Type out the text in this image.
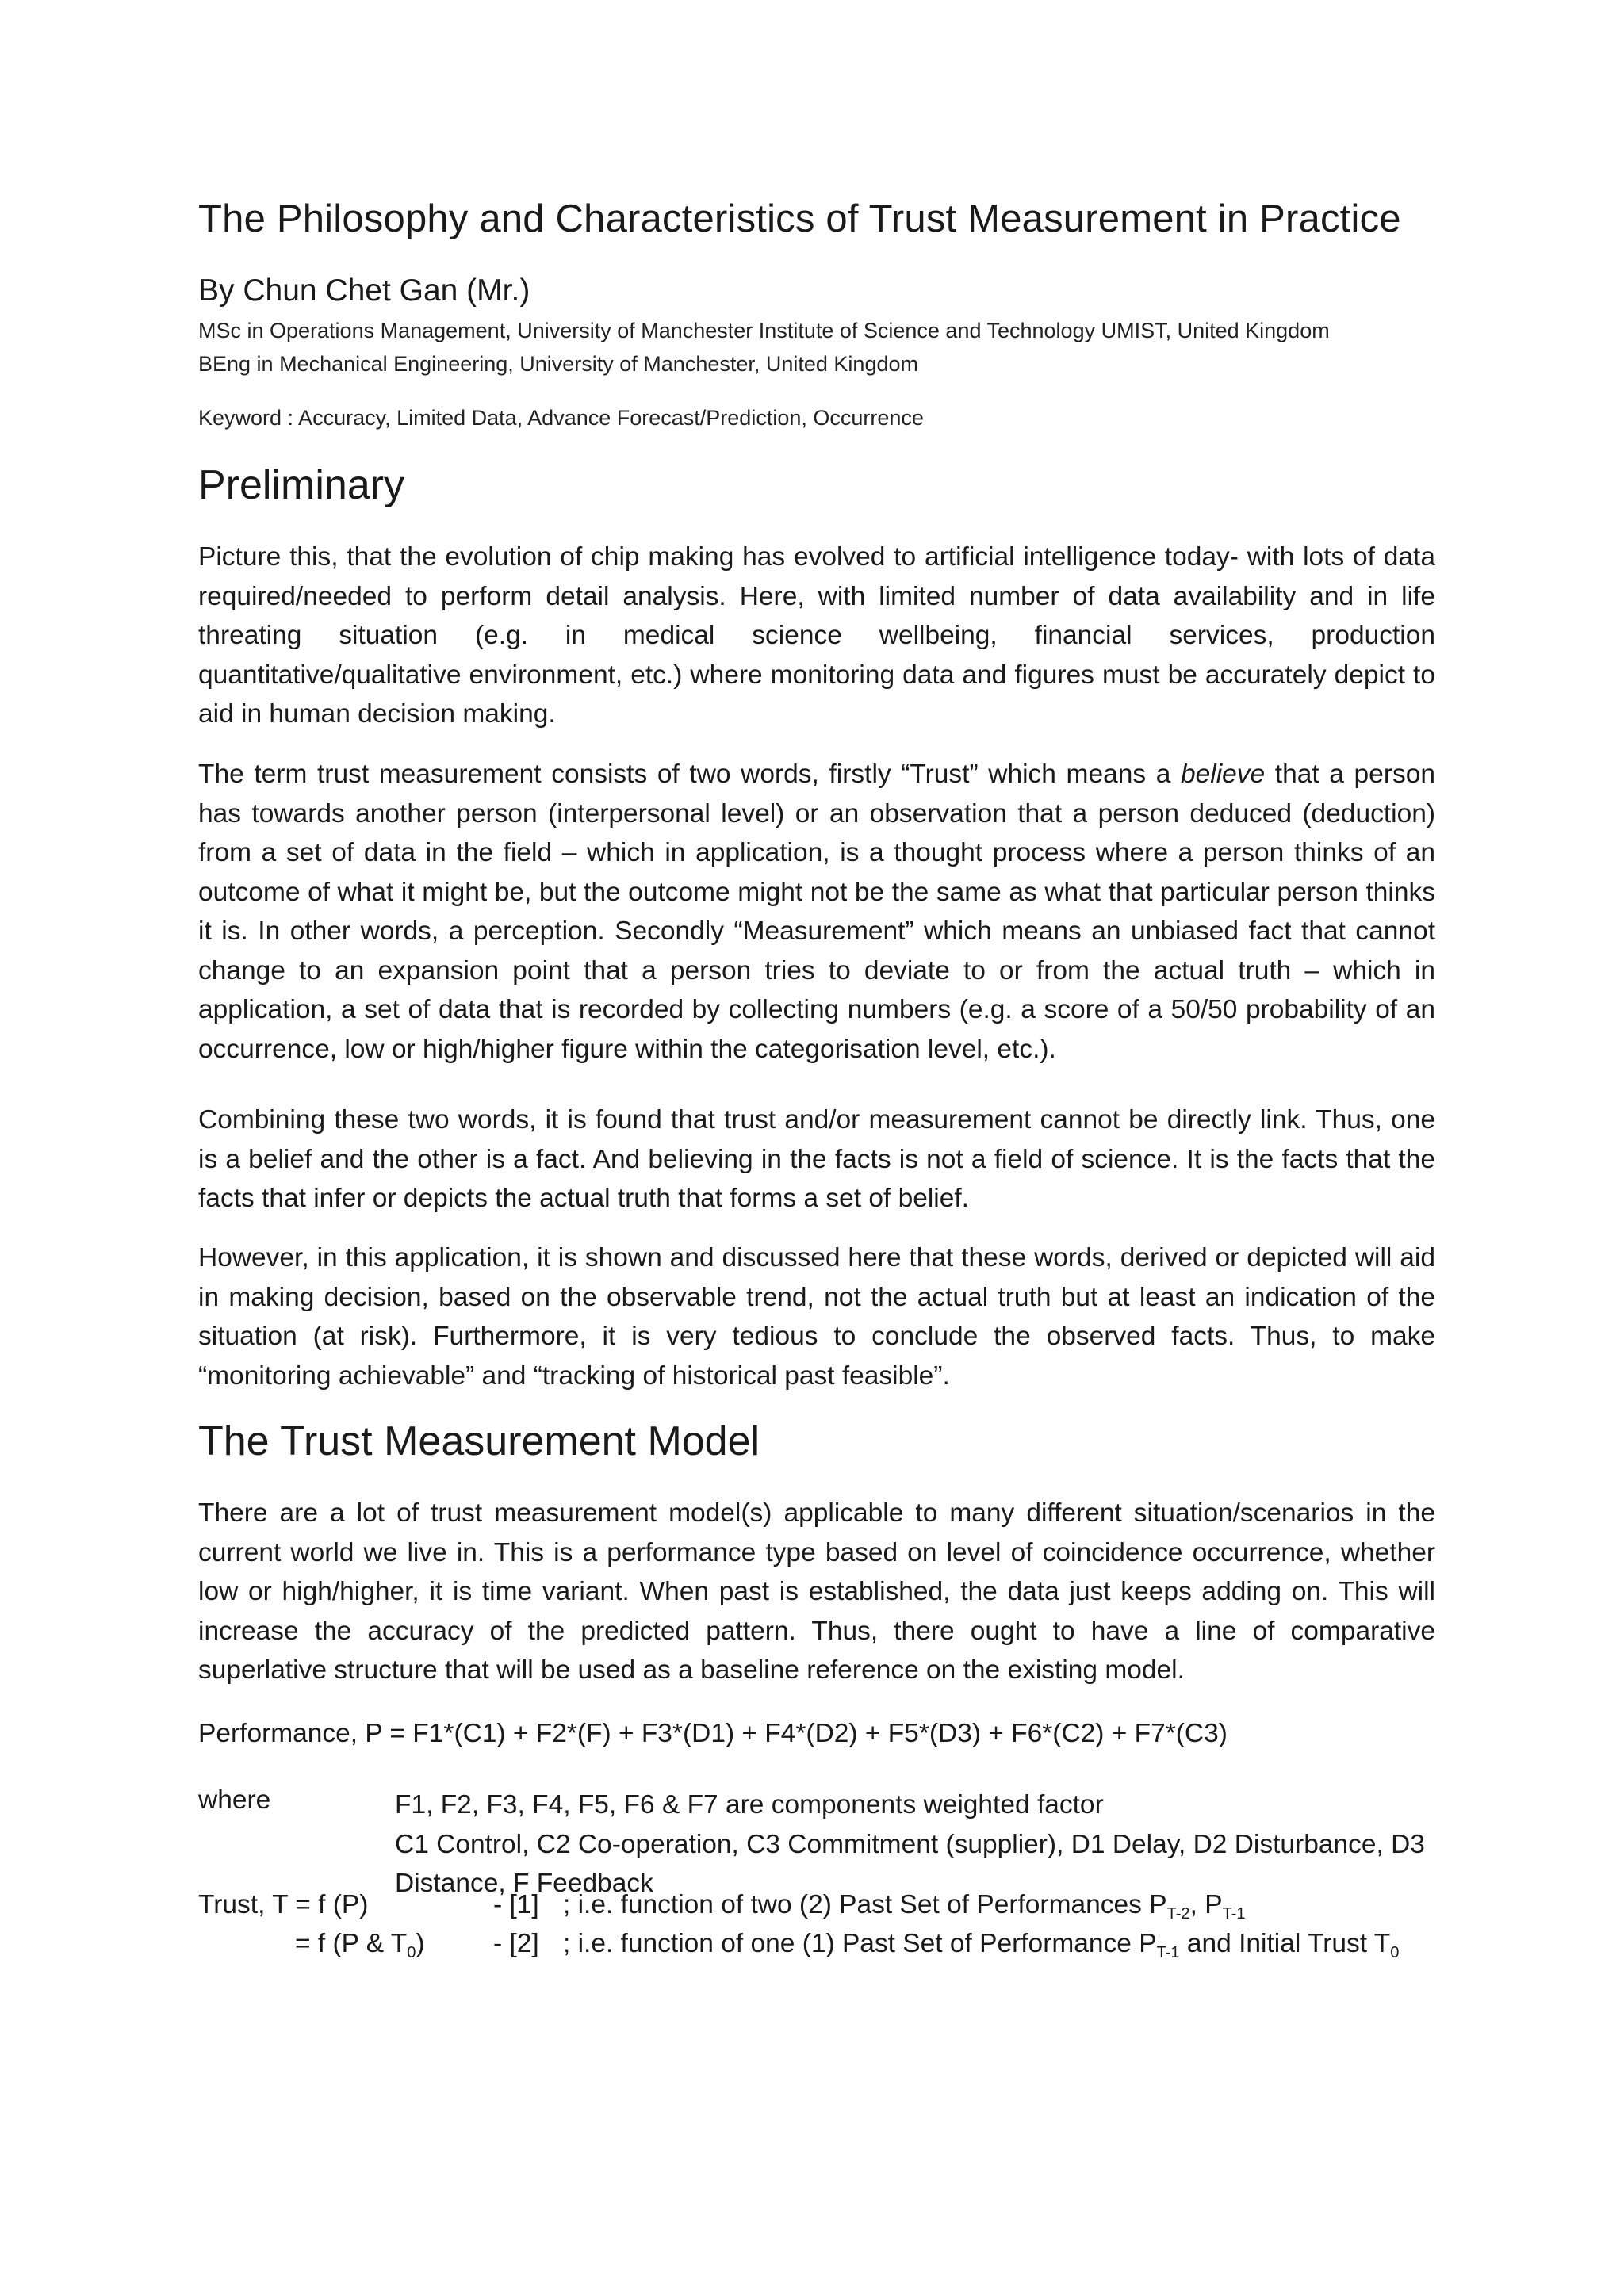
The Philosophy and Characteristics of Trust Measurement in Practice
By Chun Chet Gan (Mr.)
MSc in Operations Management, University of Manchester Institute of Science and Technology UMIST, United Kingdom
BEng in Mechanical Engineering, University of Manchester, United Kingdom
Keyword : Accuracy, Limited Data, Advance Forecast/Prediction, Occurrence
Preliminary
Picture this, that the evolution of chip making has evolved to artificial intelligence today- with lots of data required/needed to perform detail analysis. Here, with limited number of data availability and in life threating situation (e.g. in medical science wellbeing, financial services, production quantitative/qualitative environment, etc.) where monitoring data and figures must be accurately depict to aid in human decision making.
The term trust measurement consists of two words, firstly “Trust” which means a believe that a person has towards another person (interpersonal level) or an observation that a person deduced (deduction) from a set of data in the field – which in application, is a thought process where a person thinks of an outcome of what it might be, but the outcome might not be the same as what that particular person thinks it is. In other words, a perception. Secondly “Measurement” which means an unbiased fact that cannot change to an expansion point that a person tries to deviate to or from the actual truth – which in application, a set of data that is recorded by collecting numbers (e.g. a score of a 50/50 probability of an occurrence, low or high/higher figure within the categorisation level, etc.).
Combining these two words, it is found that trust and/or measurement cannot be directly link. Thus, one is a belief and the other is a fact. And believing in the facts is not a field of science. It is the facts that the facts that infer or depicts the actual truth that forms a set of belief.
However, in this application, it is shown and discussed here that these words, derived or depicted will aid in making decision, based on the observable trend, not the actual truth but at least an indication of the situation (at risk). Furthermore, it is very tedious to conclude the observed facts. Thus, to make “monitoring achievable” and “tracking of historical past feasible”.
The Trust Measurement Model
There are a lot of trust measurement model(s) applicable to many different situation/scenarios in the current world we live in. This is a performance type based on level of coincidence occurrence, whether low or high/higher, it is time variant. When past is established, the data just keeps adding on. This will increase the accuracy of the predicted pattern. Thus, there ought to have a line of comparative superlative structure that will be used as a baseline reference on the existing model.
Performance, P = F1*(C1) + F2*(F) + F3*(D1) + F4*(D2) + F5*(D3) + F6*(C2) + F7*(C3)
where	F1, F2, F3, F4, F5, F6 & F7 are components weighted factor
C1 Control, C2 Co-operation, C3 Commitment (supplier), D1 Delay, D2 Disturbance, D3 Distance, F Feedback
Trust, T = f (P)	- [1] ; i.e. function of two (2) Past Set of Performances $P_{T-2}$, $P_{T-1}$
= f (P & $T_0$)	- [2] ; i.e. function of one (1) Past Set of Performance $P_{T-1}$ and Initial Trust $T_0$
